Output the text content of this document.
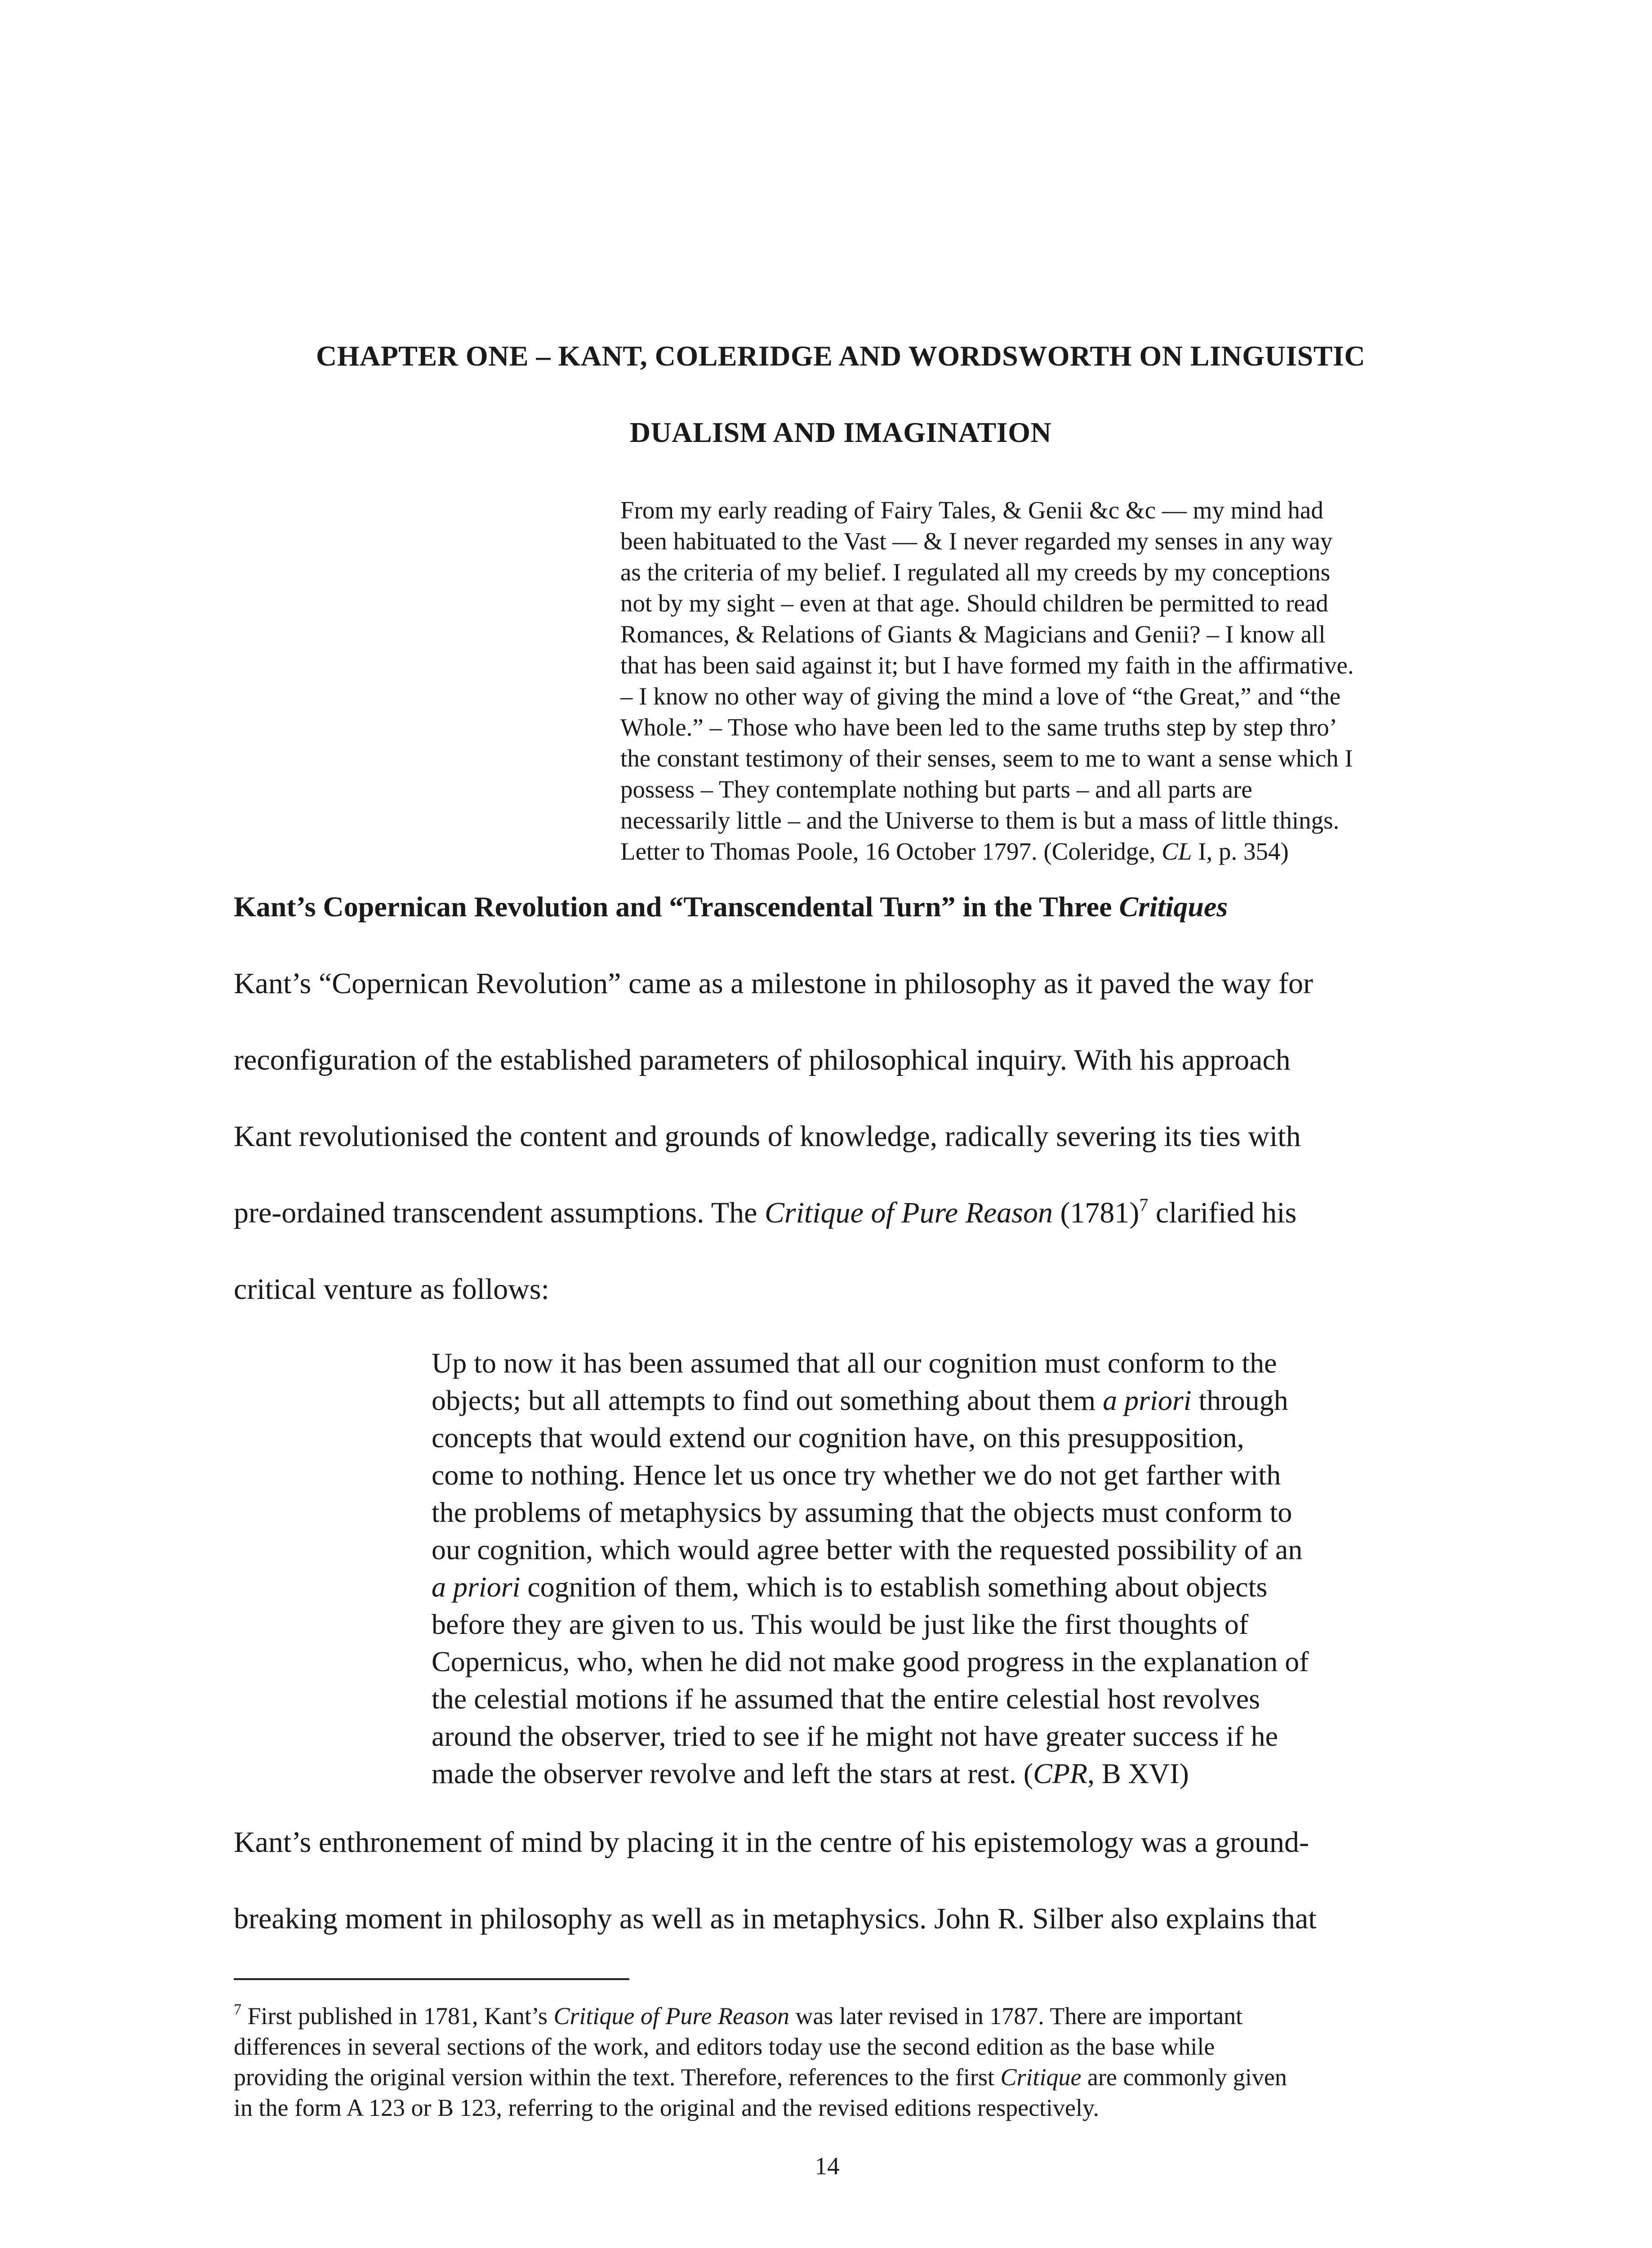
CHAPTER ONE – KANT, COLERIDGE AND WORDSWORTH ON LINGUISTIC
DUALISM AND IMAGINATION
From my early reading of Fairy Tales, & Genii &c &c — my mind had
been habituated to the Vast — & I never regarded my senses in any way
as the criteria of my belief. I regulated all my creeds by my conceptions
not by my sight – even at that age. Should children be permitted to read
Romances, & Relations of Giants & Magicians and Genii? – I know all
that has been said against it; but I have formed my faith in the affirmative.
– I know no other way of giving the mind a love of “the Great,” and “the
Whole.” – Those who have been led to the same truths step by step thro’
the constant testimony of their senses, seem to me to want a sense which I
possess – They contemplate nothing but parts – and all parts are
necessarily little – and the Universe to them is but a mass of little things.
Letter to Thomas Poole, 16 October 1797. (Coleridge, CL I, p. 354)
Kant’s Copernican Revolution and “Transcendental Turn” in the Three Critiques

Kant’s “Copernican Revolution” came as a milestone in philosophy as it paved the way for

reconfiguration of the established parameters of philosophical inquiry. With his approach

Kant revolutionised the content and grounds of knowledge, radically severing its ties with

pre-ordained transcendent assumptions. The Critique of Pure Reason (1781)$^7$ clarified his

critical venture as follows:

Up to now it has been assumed that all our cognition must conform to the
objects; but all attempts to find out something about them a priori through
concepts that would extend our cognition have, on this presupposition,
come to nothing. Hence let us once try whether we do not get farther with
the problems of metaphysics by assuming that the objects must conform to
our cognition, which would agree better with the requested possibility of an
a priori cognition of them, which is to establish something about objects
before they are given to us. This would be just like the first thoughts of
Copernicus, who, when he did not make good progress in the explanation of
the celestial motions if he assumed that the entire celestial host revolves
around the observer, tried to see if he might not have greater success if he
made the observer revolve and left the stars at rest. (CPR, B XVI)

Kant’s enthronement of mind by placing it in the centre of his epistemology was a ground-

breaking moment in philosophy as well as in metaphysics. John R. Silber also explains that

$^7$ First published in 1781, Kant’s Critique of Pure Reason was later revised in 1787. There are important
differences in several sections of the work, and editors today use the second edition as the base while
providing the original version within the text. Therefore, references to the first Critique are commonly given
in the form A 123 or B 123, referring to the original and the revised editions respectively.
14
